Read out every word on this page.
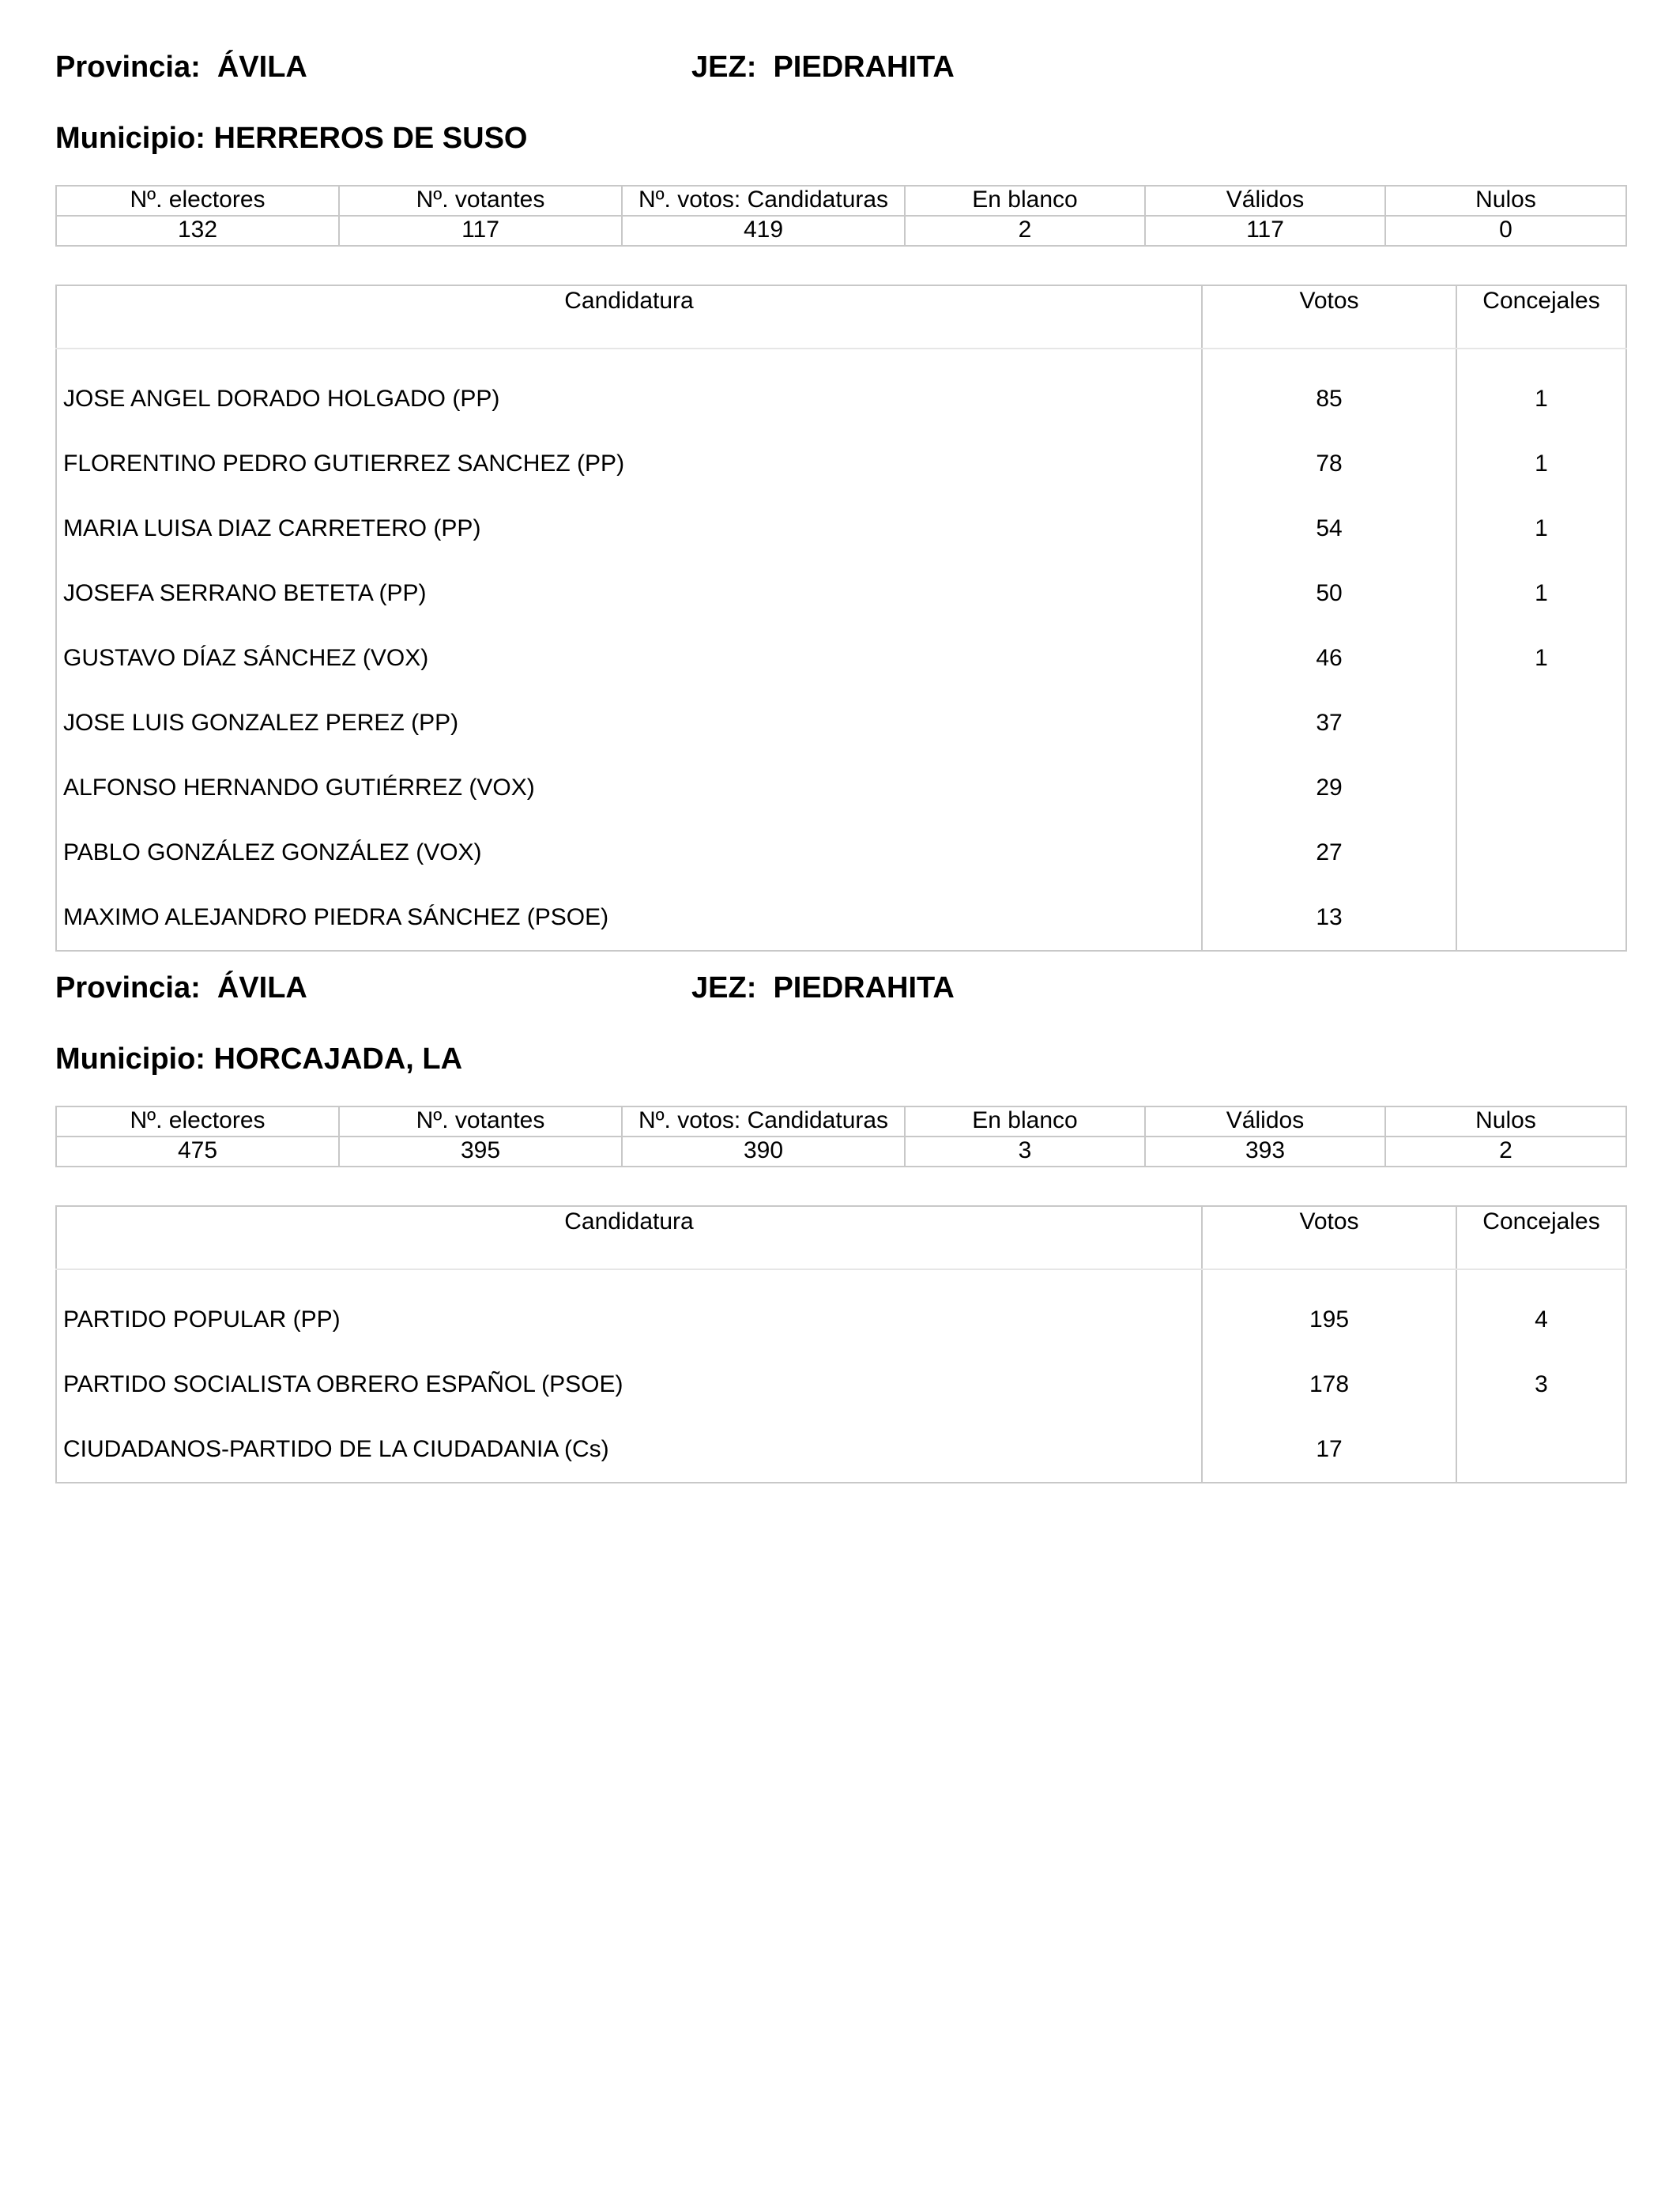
Provincia:  ÁVILA	JEZ:  PIEDRAHITA
Municipio: HERREROS DE SUSO
Nº. electores	Nº. votantes	Nº. votos: Candidaturas	En blanco	Válidos	Nulos
132	117	419	2	117	0
Candidatura	Votos	Concejales

JOSE ANGEL DORADO HOLGADO (PP)	85	1
FLORENTINO PEDRO GUTIERREZ SANCHEZ (PP)	78	1
MARIA LUISA DIAZ CARRETERO (PP)	54	1
JOSEFA SERRANO BETETA (PP)	50	1
GUSTAVO DÍAZ SÁNCHEZ (VOX)	46	1
JOSE LUIS GONZALEZ PEREZ (PP)	37	
ALFONSO HERNANDO GUTIÉRREZ (VOX)	29	
PABLO GONZÁLEZ GONZÁLEZ (VOX)	27	
MAXIMO ALEJANDRO PIEDRA SÁNCHEZ (PSOE)	13	
Provincia:  ÁVILA	JEZ:  PIEDRAHITA
Municipio: HORCAJADA, LA
Nº. electores	Nº. votantes	Nº. votos: Candidaturas	En blanco	Válidos	Nulos
475	395	390	3	393	2
Candidatura	Votos	Concejales

PARTIDO POPULAR (PP)	195	4
PARTIDO SOCIALISTA OBRERO ESPAÑOL (PSOE)	178	3
CIUDADANOS-PARTIDO DE LA CIUDADANIA (Cs)	17	
